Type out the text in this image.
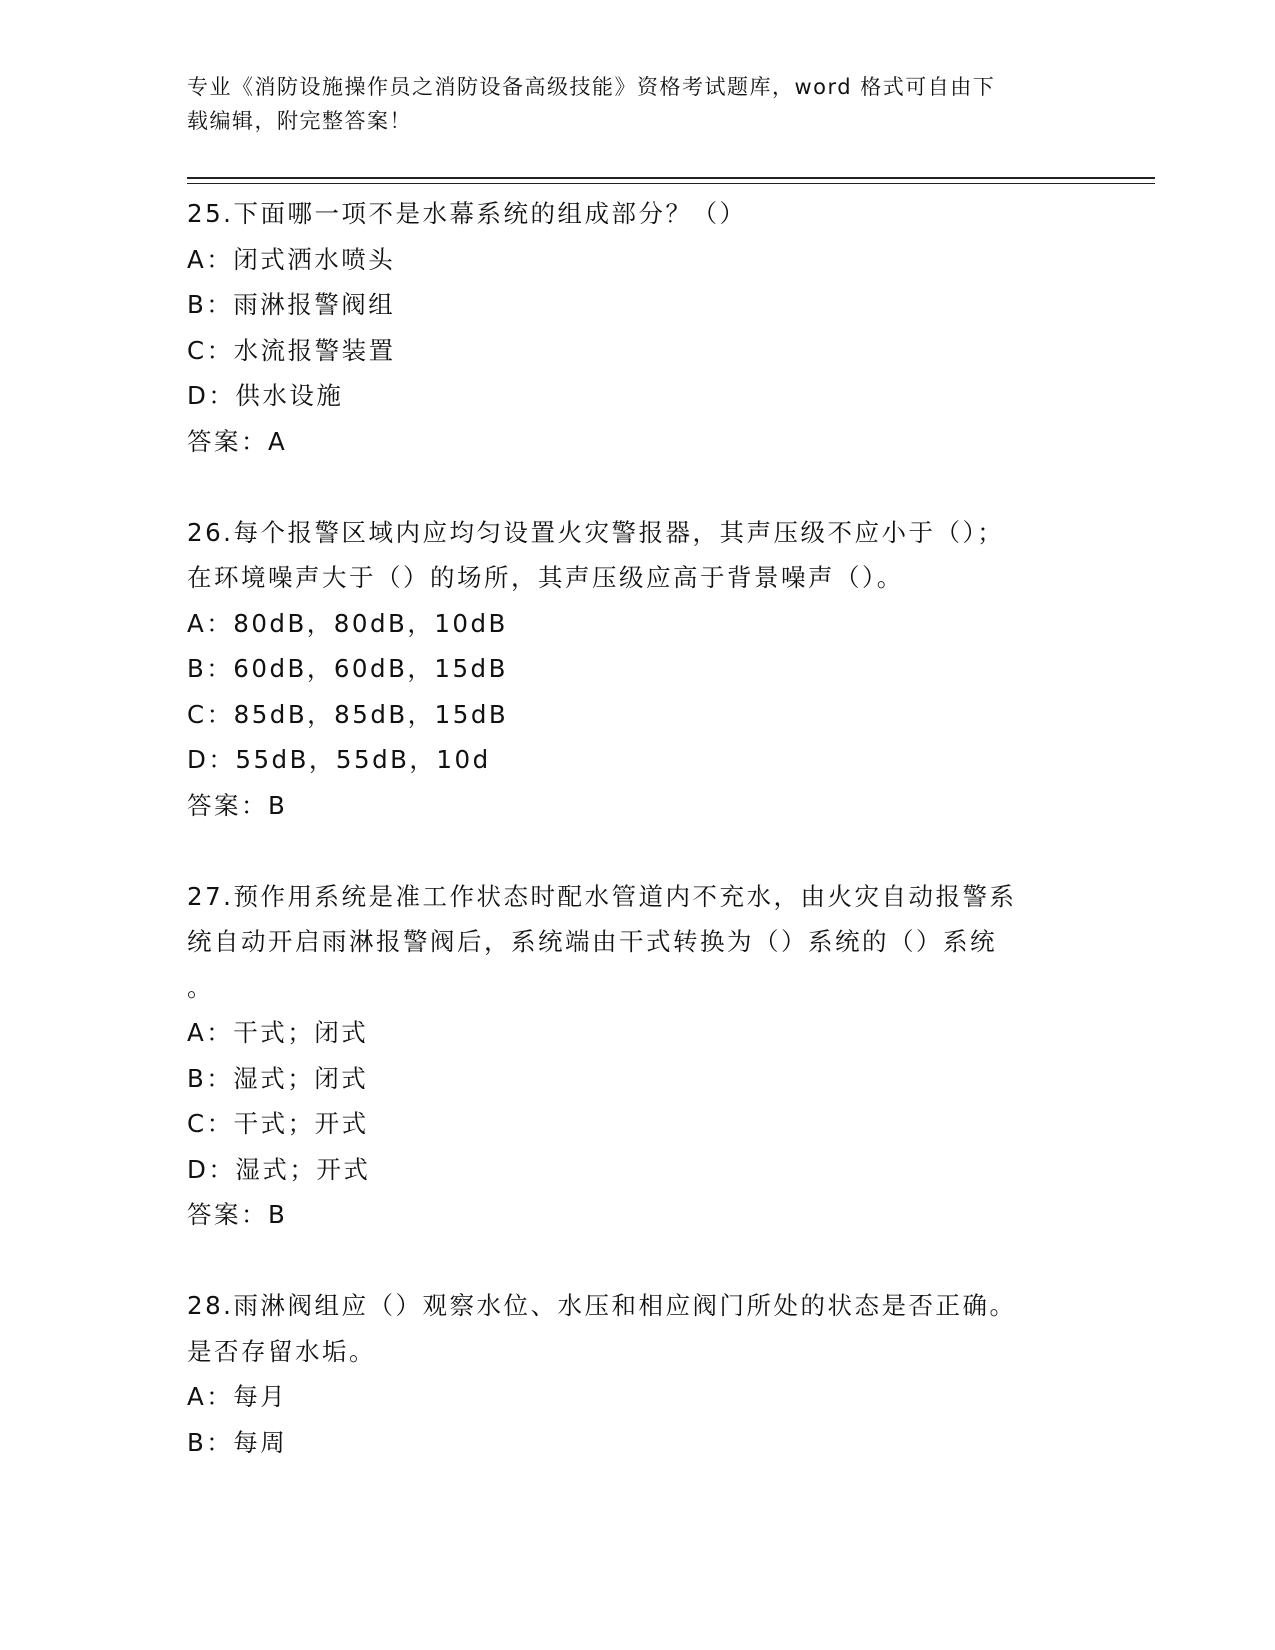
专业《消防设施操作员之消防设备高级技能》资格考试题库，word 格式可自由下
载编辑，附完整答案！

25.下面哪一项不是水幕系统的组成部分？（）

A：闭式洒水喷头

B：雨淋报警阀组

C：水流报警装置

D：供水设施

答案：A

26.每个报警区域内应均匀设置火灾警报器，其声压级不应小于（）；

在环境噪声大于（）的场所，其声压级应高于背景噪声（）。

A：80dB，80dB，10dB

B：60dB，60dB，15dB

C：85dB，85dB，15dB

D：55dB，55dB，10d

答案：B

27.预作用系统是准工作状态时配水管道内不充水，由火灾自动报警系

统自动开启雨淋报警阀后，系统端由干式转换为（）系统的（）系统

。

A：干式；闭式

B：湿式；闭式

C：干式；开式

D：湿式；开式

答案：B

28.雨淋阀组应（）观察水位、水压和相应阀门所处的状态是否正确。

是否存留水垢。

A：每月

B：每周
